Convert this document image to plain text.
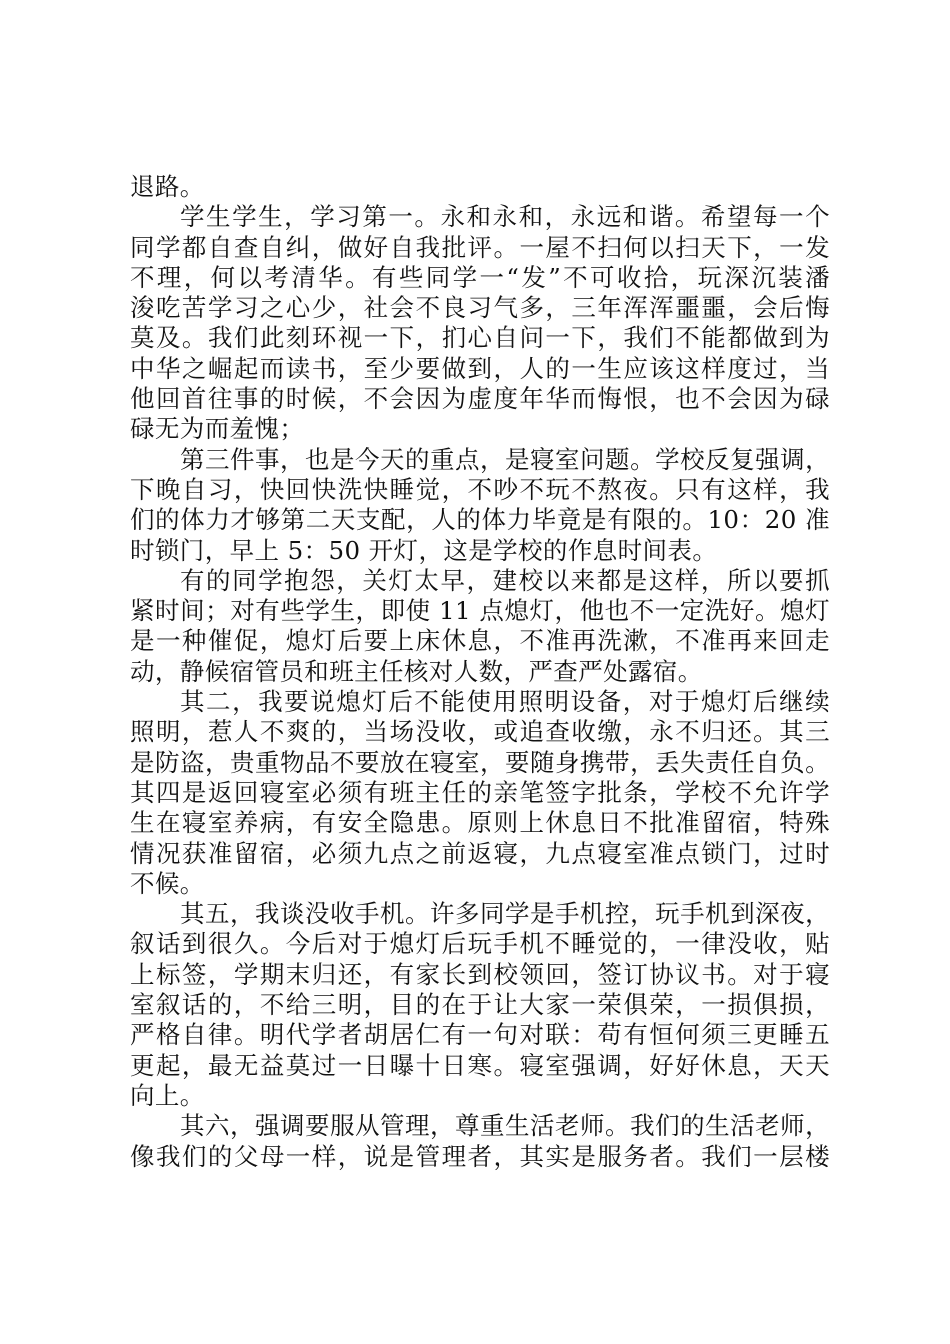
退路。
学生学生，学习第一。永和永和，永远和谐。希望每一个
同学都自查自纠，做好自我批评。一屋不扫何以扫天下，一发
不理，何以考清华。有些同学一“发”不可收拾，玩深沉装潘
浚吃苦学习之心少，社会不良习气多，三年浑浑噩噩，会后悔
莫及。我们此刻环视一下，扪心自问一下，我们不能都做到为
中华之崛起而读书，至少要做到，人的一生应该这样度过，当
他回首往事的时候，不会因为虚度年华而悔恨，也不会因为碌
碌无为而羞愧；
第三件事，也是今天的重点，是寝室问题。学校反复强调，
下晚自习，快回快洗快睡觉，不吵不玩不熬夜。只有这样，我
们的体力才够第二天支配，人的体力毕竟是有限的。10：20 准
时锁门，早上 5：50 开灯，这是学校的作息时间表。
有的同学抱怨，关灯太早，建校以来都是这样，所以要抓
紧时间；对有些学生，即使 11 点熄灯，他也不一定洗好。熄灯
是一种催促，熄灯后要上床休息，不准再洗漱，不准再来回走
动，静候宿管员和班主任核对人数，严查严处露宿。
其二，我要说熄灯后不能使用照明设备，对于熄灯后继续
照明，惹人不爽的，当场没收，或追查收缴，永不归还。其三
是防盗，贵重物品不要放在寝室，要随身携带，丢失责任自负。
其四是返回寝室必须有班主任的亲笔签字批条，学校不允许学
生在寝室养病，有安全隐患。原则上休息日不批准留宿，特殊
情况获准留宿，必须九点之前返寝，九点寝室准点锁门，过时
不候。
其五，我谈没收手机。许多同学是手机控，玩手机到深夜，
叙话到很久。今后对于熄灯后玩手机不睡觉的，一律没收，贴
上标签，学期末归还，有家长到校领回，签订协议书。对于寝
室叙话的，不给三明，目的在于让大家一荣俱荣，一损俱损，
严格自律。明代学者胡居仁有一句对联：苟有恒何须三更睡五
更起，最无益莫过一日曝十日寒。寝室强调，好好休息，天天
向上。
其六，强调要服从管理，尊重生活老师。我们的生活老师，
像我们的父母一样，说是管理者，其实是服务者。我们一层楼
